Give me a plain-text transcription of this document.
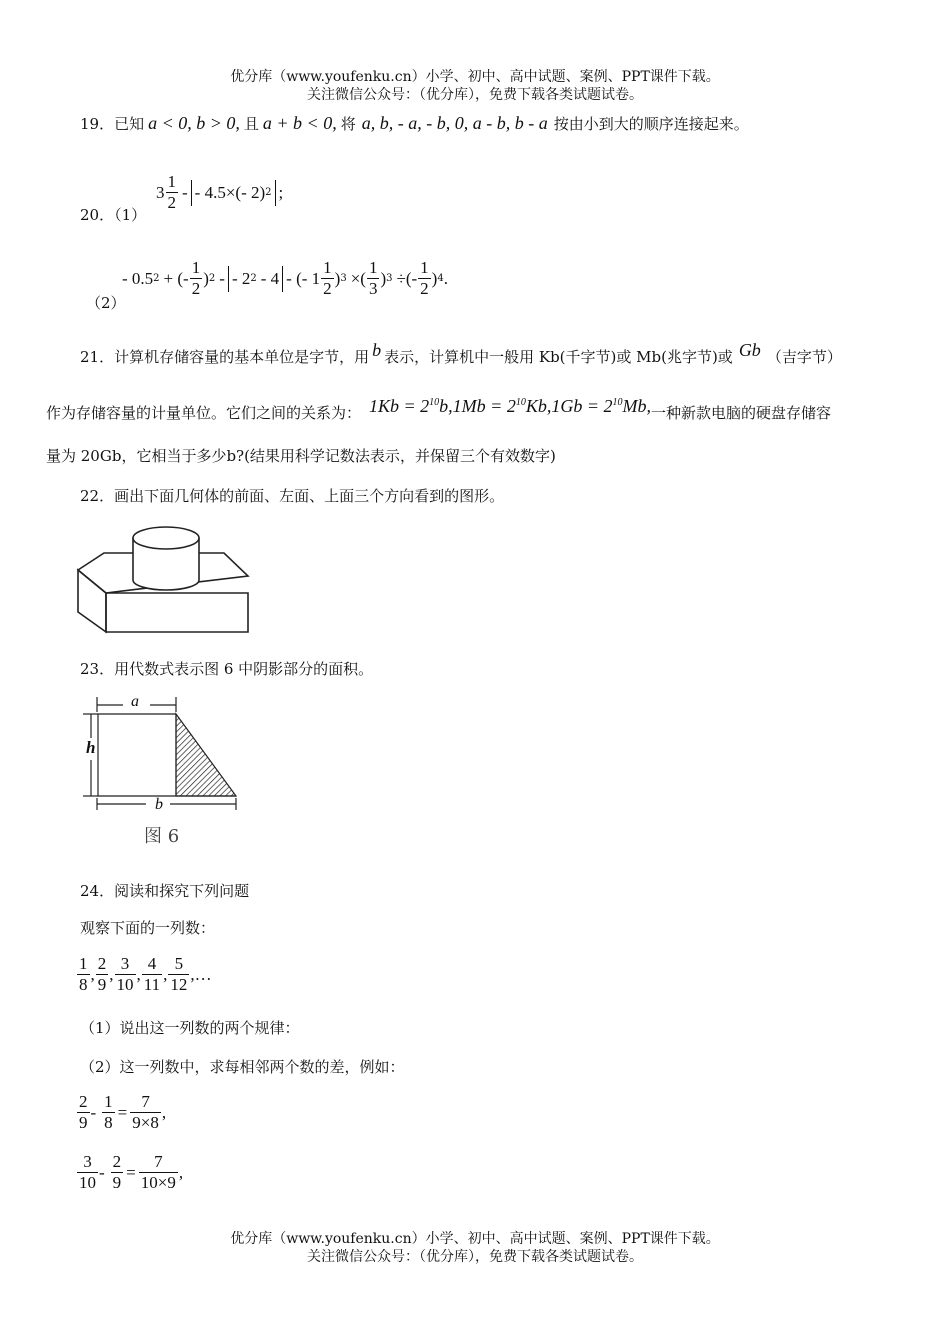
优分库（www.youfenku.cn）小学、初中、高中试题、案例、PPT课件下载。
关注微信公众号：（优分库），免费下载各类试题试卷。
19．已知 a < 0, b > 0, 且 a + b < 0, 将 a, b, - a, - b, 0, a - b, b - a 按由小到大的顺序连接起来。
20．（1）
$3 \frac{1}{2}$ - - 4.5×(- 2) 2 ;
（2）
- 0.5 2 + (- $\frac{1}{2}$ ) 2 - - 2 2 - 4 - (- $1 \frac{1}{2}$ ) 3 ×( $\frac{1}{3}$ ) 3 ÷(- $\frac{1}{2}$ ) 4 .
21．计算机存储容量的基本单位是字节，用 b 表示，计算机中一般用 Kb(千字节)或 Mb(兆字节)或 Gb （吉字节）
作为存储容量的计量单位。它们之间的关系为： $1Kb = 2^{10}b,1Mb = 2^{10}Kb,1Gb = 2^{10}Mb$, 一种新款电脑的硬盘存储容
量为 20Gb，它相当于多少b?(结果用科学记数法表示，并保留三个有效数字)
22．画出下面几何体的前面、左面、上面三个方向看到的图形。
23．用代数式表示图 6 中阴影部分的面积。
a
h
b
图 6
24．阅读和探究下列问题
观察下面的一列数：
$\frac{1}{8}$ , $\frac{2}{9}$ , $\frac{3}{10}$ , $\frac{4}{11}$ , $\frac{5}{12}$ ,…
（1）说出这一列数的两个规律：
（2）这一列数中，求每相邻两个数的差，例如：
$\frac{2}{9} - \frac{1}{8} = \frac{7}{9\times 8}$ ,
$\frac{3}{10} - \frac{2}{9} = \frac{7}{10\times 9}$ ,
优分库（www.youfenku.cn）小学、初中、高中试题、案例、PPT课件下载。
关注微信公众号：（优分库），免费下载各类试题试卷。
